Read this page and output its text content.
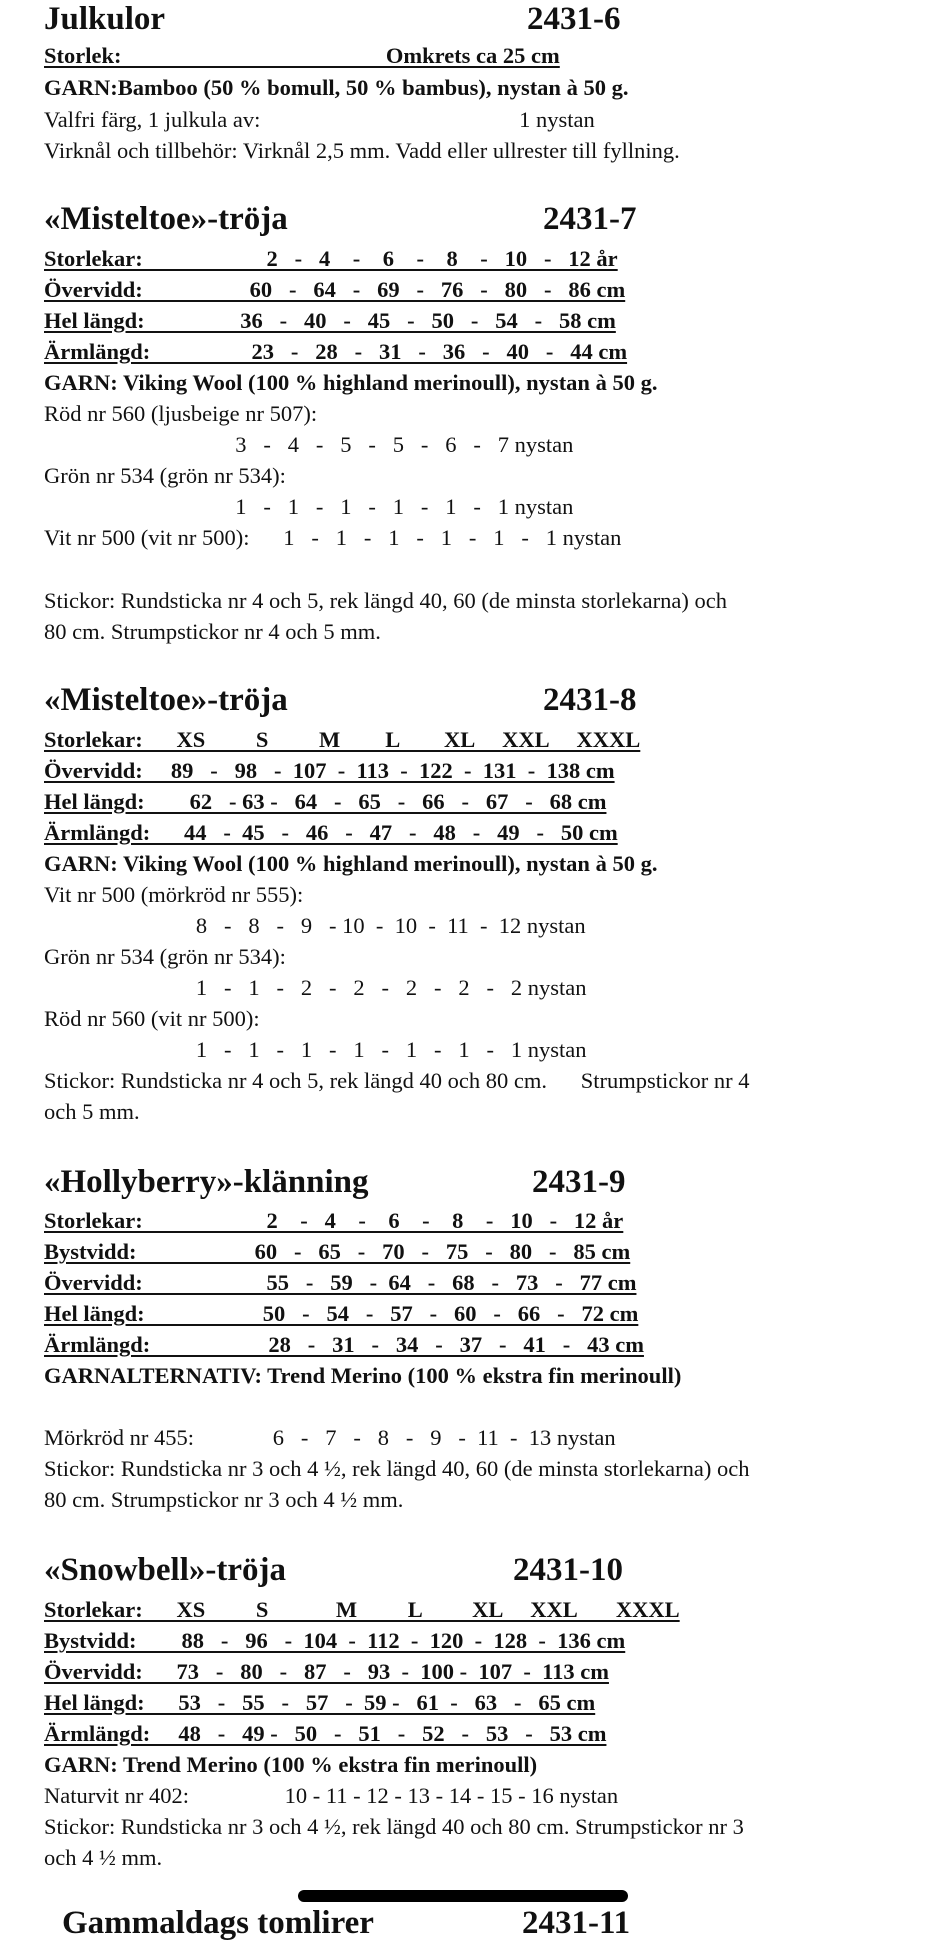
Julkulor	2431-6
Storlek:                                               Omkrets ca 25 cm
GARN:Bamboo (50 % bomull, 50 % bambus), nystan à 50 g.
Valfri färg, 1 julkula av:                                              1 nystan
Virknål och tillbehör: Virknål 2,5 mm. Vadd eller ullrester till fyllning.
«Misteltoe»-tröja	2431-7
Storlekar:                      2   -   4    -    6    -    8    -   10   -   12 år
Övervidd:                   60   -   64   -   69   -   76   -   80   -   86 cm
Hel längd:                 36   -   40   -   45   -   50   -   54   -   58 cm
Ärmlängd:                  23   -   28   -   31   -   36   -   40   -   44 cm
GARN: Viking Wool (100 % highland merinoull), nystan à 50 g.
Röd nr 560 (ljusbeige nr 507):
3   -   4   -   5   -   5   -   6   -   7 nystan
Grön nr 534 (grön nr 534):
1   -   1   -   1   -   1   -   1   -   1 nystan
Vit nr 500 (vit nr 500):      1   -   1   -   1   -   1   -   1   -   1 nystan
Stickor: Rundsticka nr 4 och 5, rek längd 40, 60 (de minsta storlekarna) och
80 cm. Strumpstickor nr 4 och 5 mm.
«Misteltoe»-tröja	2431-8
Storlekar:      XS         S         M        L        XL     XXL     XXXL
Övervidd:     89   -   98   -  107  -  113  -  122  -  131  -  138 cm
Hel längd:        62   - 63 -   64   -   65   -   66   -   67   -   68 cm
Ärmlängd:      44   -  45   -   46   -   47   -   48   -   49   -   50 cm
GARN: Viking Wool (100 % highland merinoull), nystan à 50 g.
Vit nr 500 (mörkröd nr 555):
8   -   8   -   9   - 10  -  10  -  11  -  12 nystan
Grön nr 534 (grön nr 534):
1   -   1   -   2   -   2   -   2   -   2   -   2 nystan
Röd nr 560 (vit nr 500):
1   -   1   -   1   -   1   -   1   -   1   -   1 nystan
Stickor: Rundsticka nr 4 och 5, rek längd 40 och 80 cm.      Strumpstickor nr 4
och 5 mm.
«Hollyberry»-klänning	2431-9
Storlekar:                      2    -   4    -    6    -    8    -   10   -   12 år
Bystvidd:                     60   -   65   -   70   -   75   -   80   -   85 cm
Övervidd:                      55   -   59   -  64   -   68   -   73   -   77 cm
Hel längd:                     50   -   54   -   57   -   60   -   66   -   72 cm
Ärmlängd:                     28   -   31   -   34   -   37   -   41   -   43 cm
GARNALTERNATIV: Trend Merino (100 % ekstra fin merinoull)
Mörkröd nr 455:              6   -   7   -   8   -   9   -  11  -  13 nystan
Stickor: Rundsticka nr 3 och 4 ½, rek längd 40, 60 (de minsta storlekarna) och
80 cm. Strumpstickor nr 3 och 4 ½ mm.
«Snowbell»-tröja	2431-10
Storlekar:      XS         S            M         L         XL     XXL       XXXL
Bystvidd:        88   -   96   -  104  -  112  -  120  -  128  -  136 cm
Övervidd:      73   -   80   -   87   -   93  -  100 -  107  -  113 cm
Hel längd:      53   -   55   -   57   -  59 -   61  -   63   -   65 cm
Ärmlängd:     48   -   49 -   50   -   51   -   52   -   53   -   53 cm
GARN: Trend Merino (100 % ekstra fin merinoull)
Naturvit nr 402:                 10 - 11 - 12 - 13 - 14 - 15 - 16 nystan
Stickor: Rundsticka nr 3 och 4 ½, rek längd 40 och 80 cm. Strumpstickor nr 3
och 4 ½ mm.
Gammaldags tomlirer	2431-11
